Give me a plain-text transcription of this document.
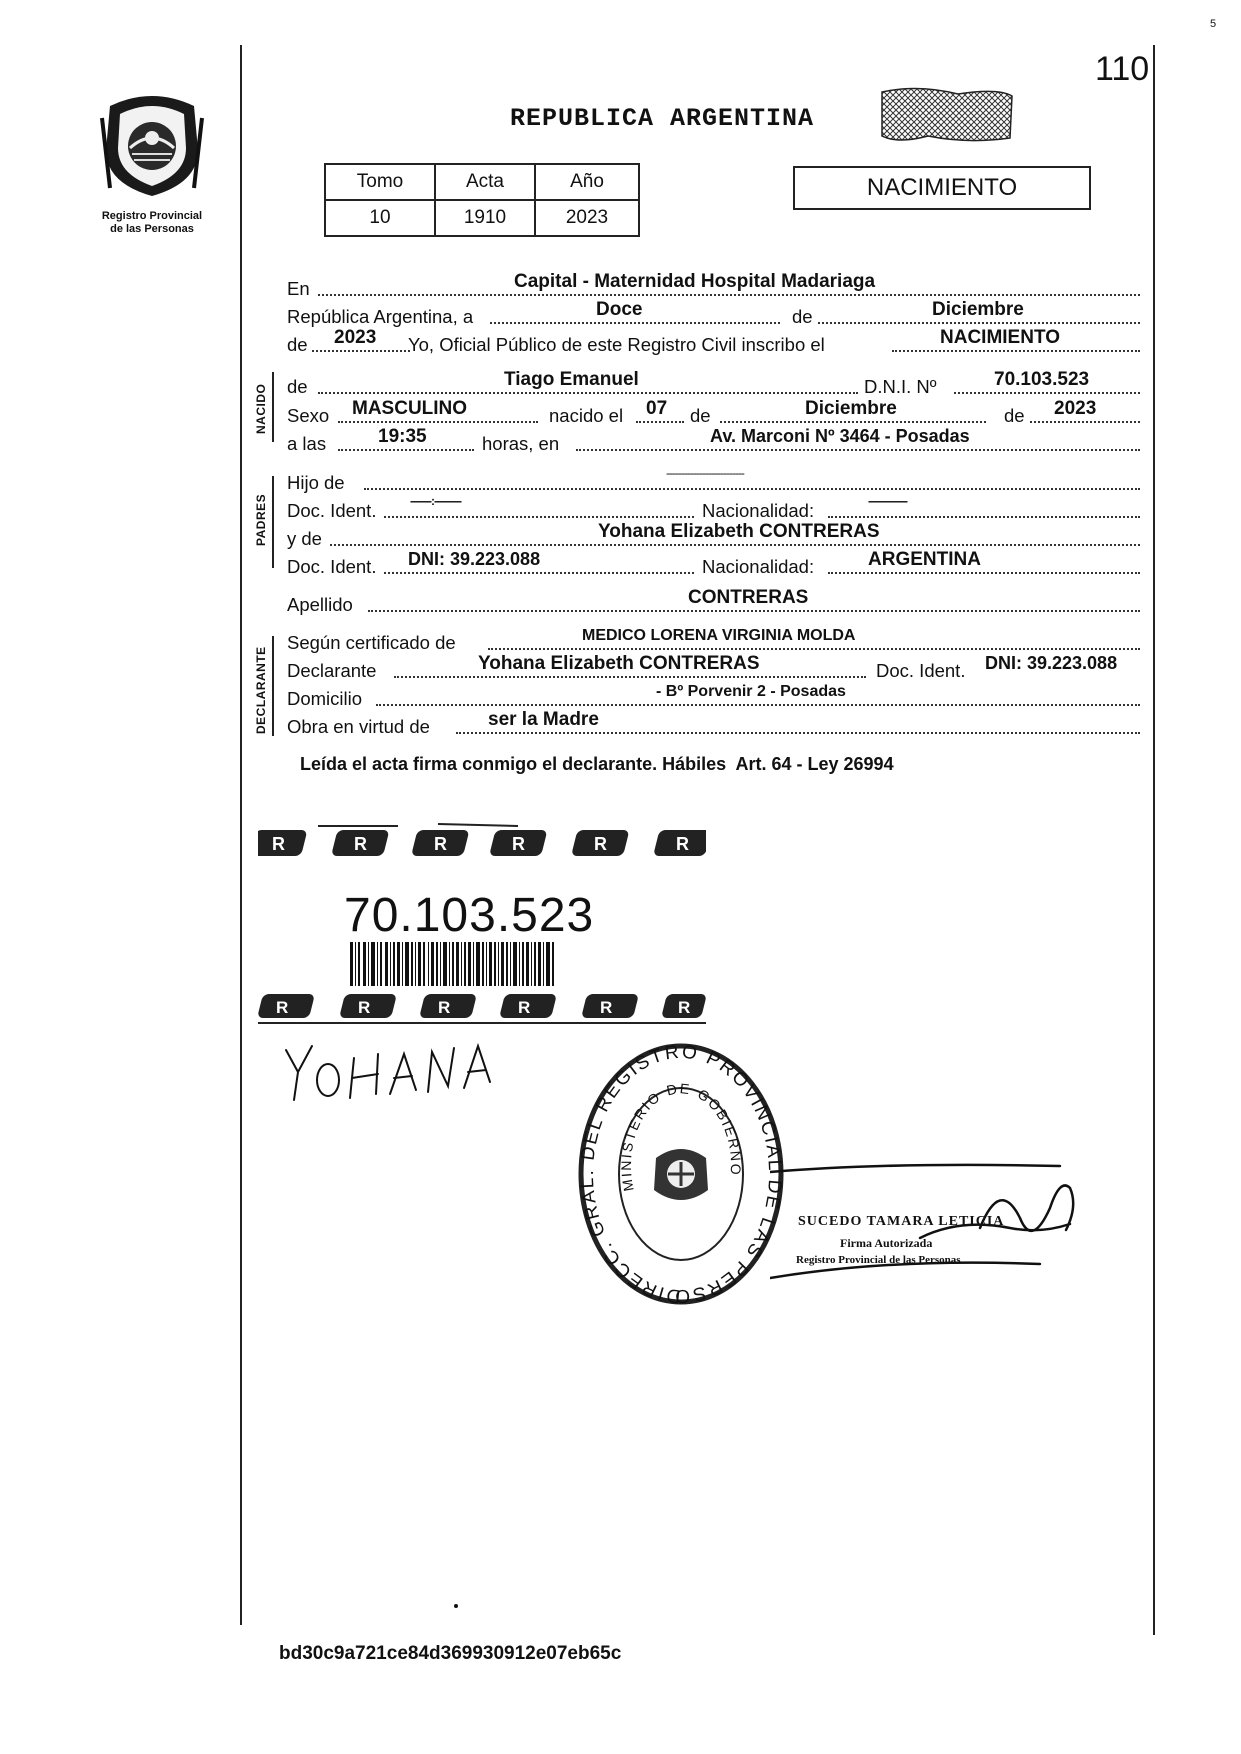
5
110
Registro Provincial
de las Personas
REPUBLICA ARGENTINA
Tomo	Acta	Año
10	1910	2023
NACIMIENTO
NACIDO
PADRES
DECLARANTE
En	Capital - Maternidad Hospital Madariaga
República Argentina, a	Doce	de	Diciembre
de 2023 Yo, Oficial Público de este Registro Civil inscribo el	NACIMIENTO
de	Tiago Emanuel	D.N.I. Nº	70.103.523
Sexo MASCULINO	nacido el 07 de	Diciembre	de 2023
a las	19:35	horas, en	Av. Marconi Nº 3464 - Posadas
Hijo de	--------------------------
Doc. Ident.	-------:---------	Nacionalidad:	-------------
y de	Yohana Elizabeth CONTRERAS
Doc. Ident. DNI: 39.223.088	Nacionalidad:	ARGENTINA
Apellido	CONTRERAS
Según certificado de	MEDICO LORENA VIRGINIA MOLDA
Declarante	Yohana Elizabeth CONTRERAS	Doc. Ident. DNI: 39.223.088
Domicilio	- Bº Porvenir 2 - Posadas
Obra en virtud de	ser la Madre
Leída el acta firma conmigo el declarante. Hábiles  Art. 64 - Ley 26994
R	R	R	R	R	R
70.103.523
R	R	R	R	R	R
DIRECC. GRAL. DEL REGISTRO PROVINCIAL DE LAS PERSO
MINISTERIO DE GOBIERNO
SUCEDO TAMARA LETICIA
Firma Autorizada
Registro Provincial de las Personas
bd30c9a721ce84d369930912e07eb65c
